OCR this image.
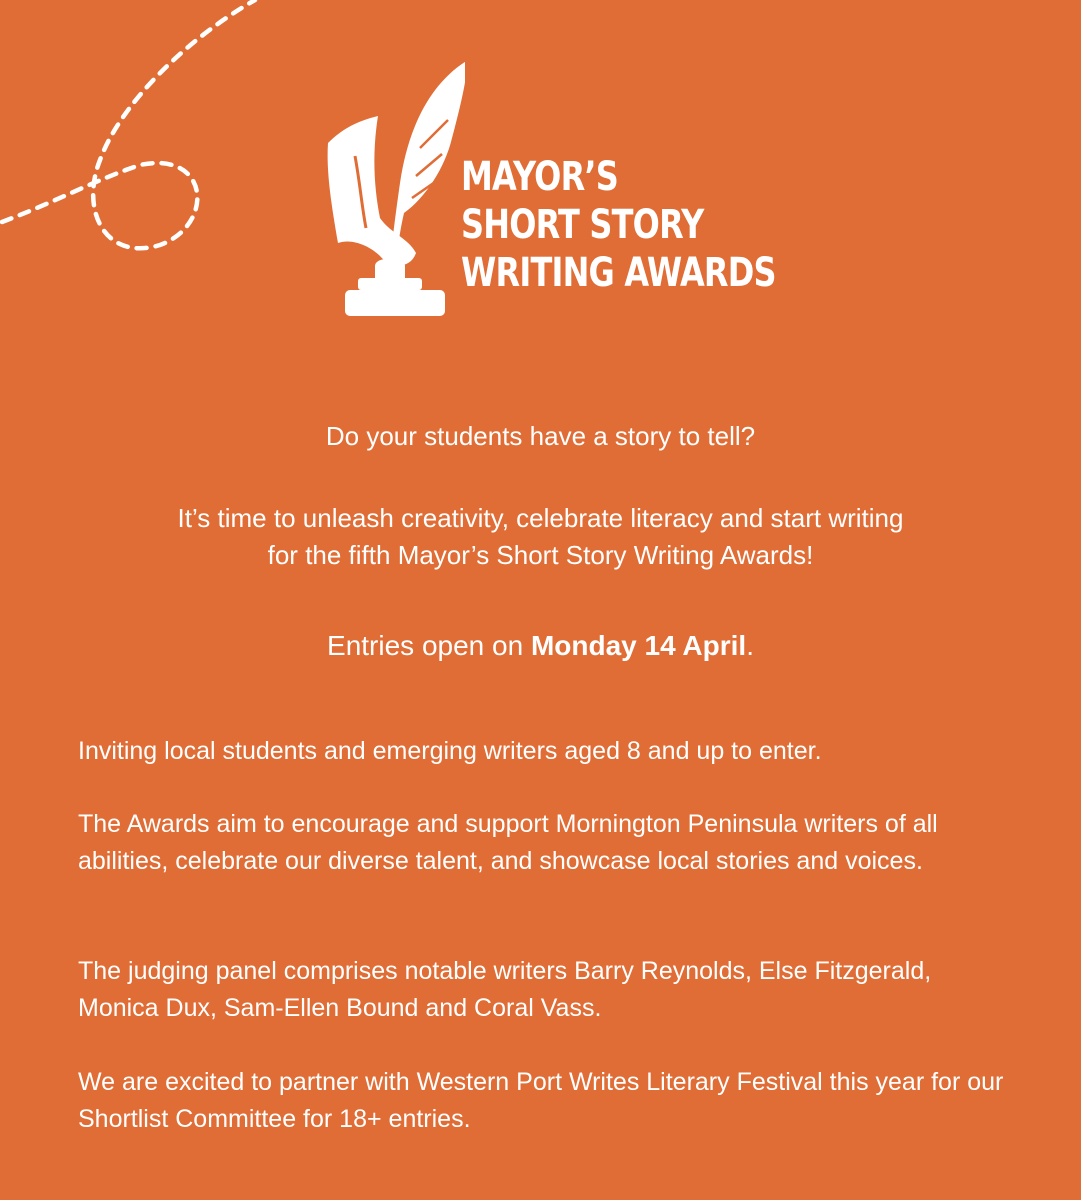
MAYOR’S
SHORT STORY
WRITING AWARDS
Do your students have a story to tell?
It’s time to unleash creativity, celebrate literacy and start writing
for the fifth Mayor’s Short Story Writing Awards!
Entries open on Monday 14 April.
Inviting local students and emerging writers aged 8 and up to enter.
The Awards aim to encourage and support Mornington Peninsula writers of all abilities, celebrate our diverse talent, and showcase local stories and voices.
The judging panel comprises notable writers Barry Reynolds, Else Fitzgerald, Monica Dux, Sam-Ellen Bound and Coral Vass.
We are excited to partner with Western Port Writes Literary Festival this year for our Shortlist Committee for 18+ entries.
